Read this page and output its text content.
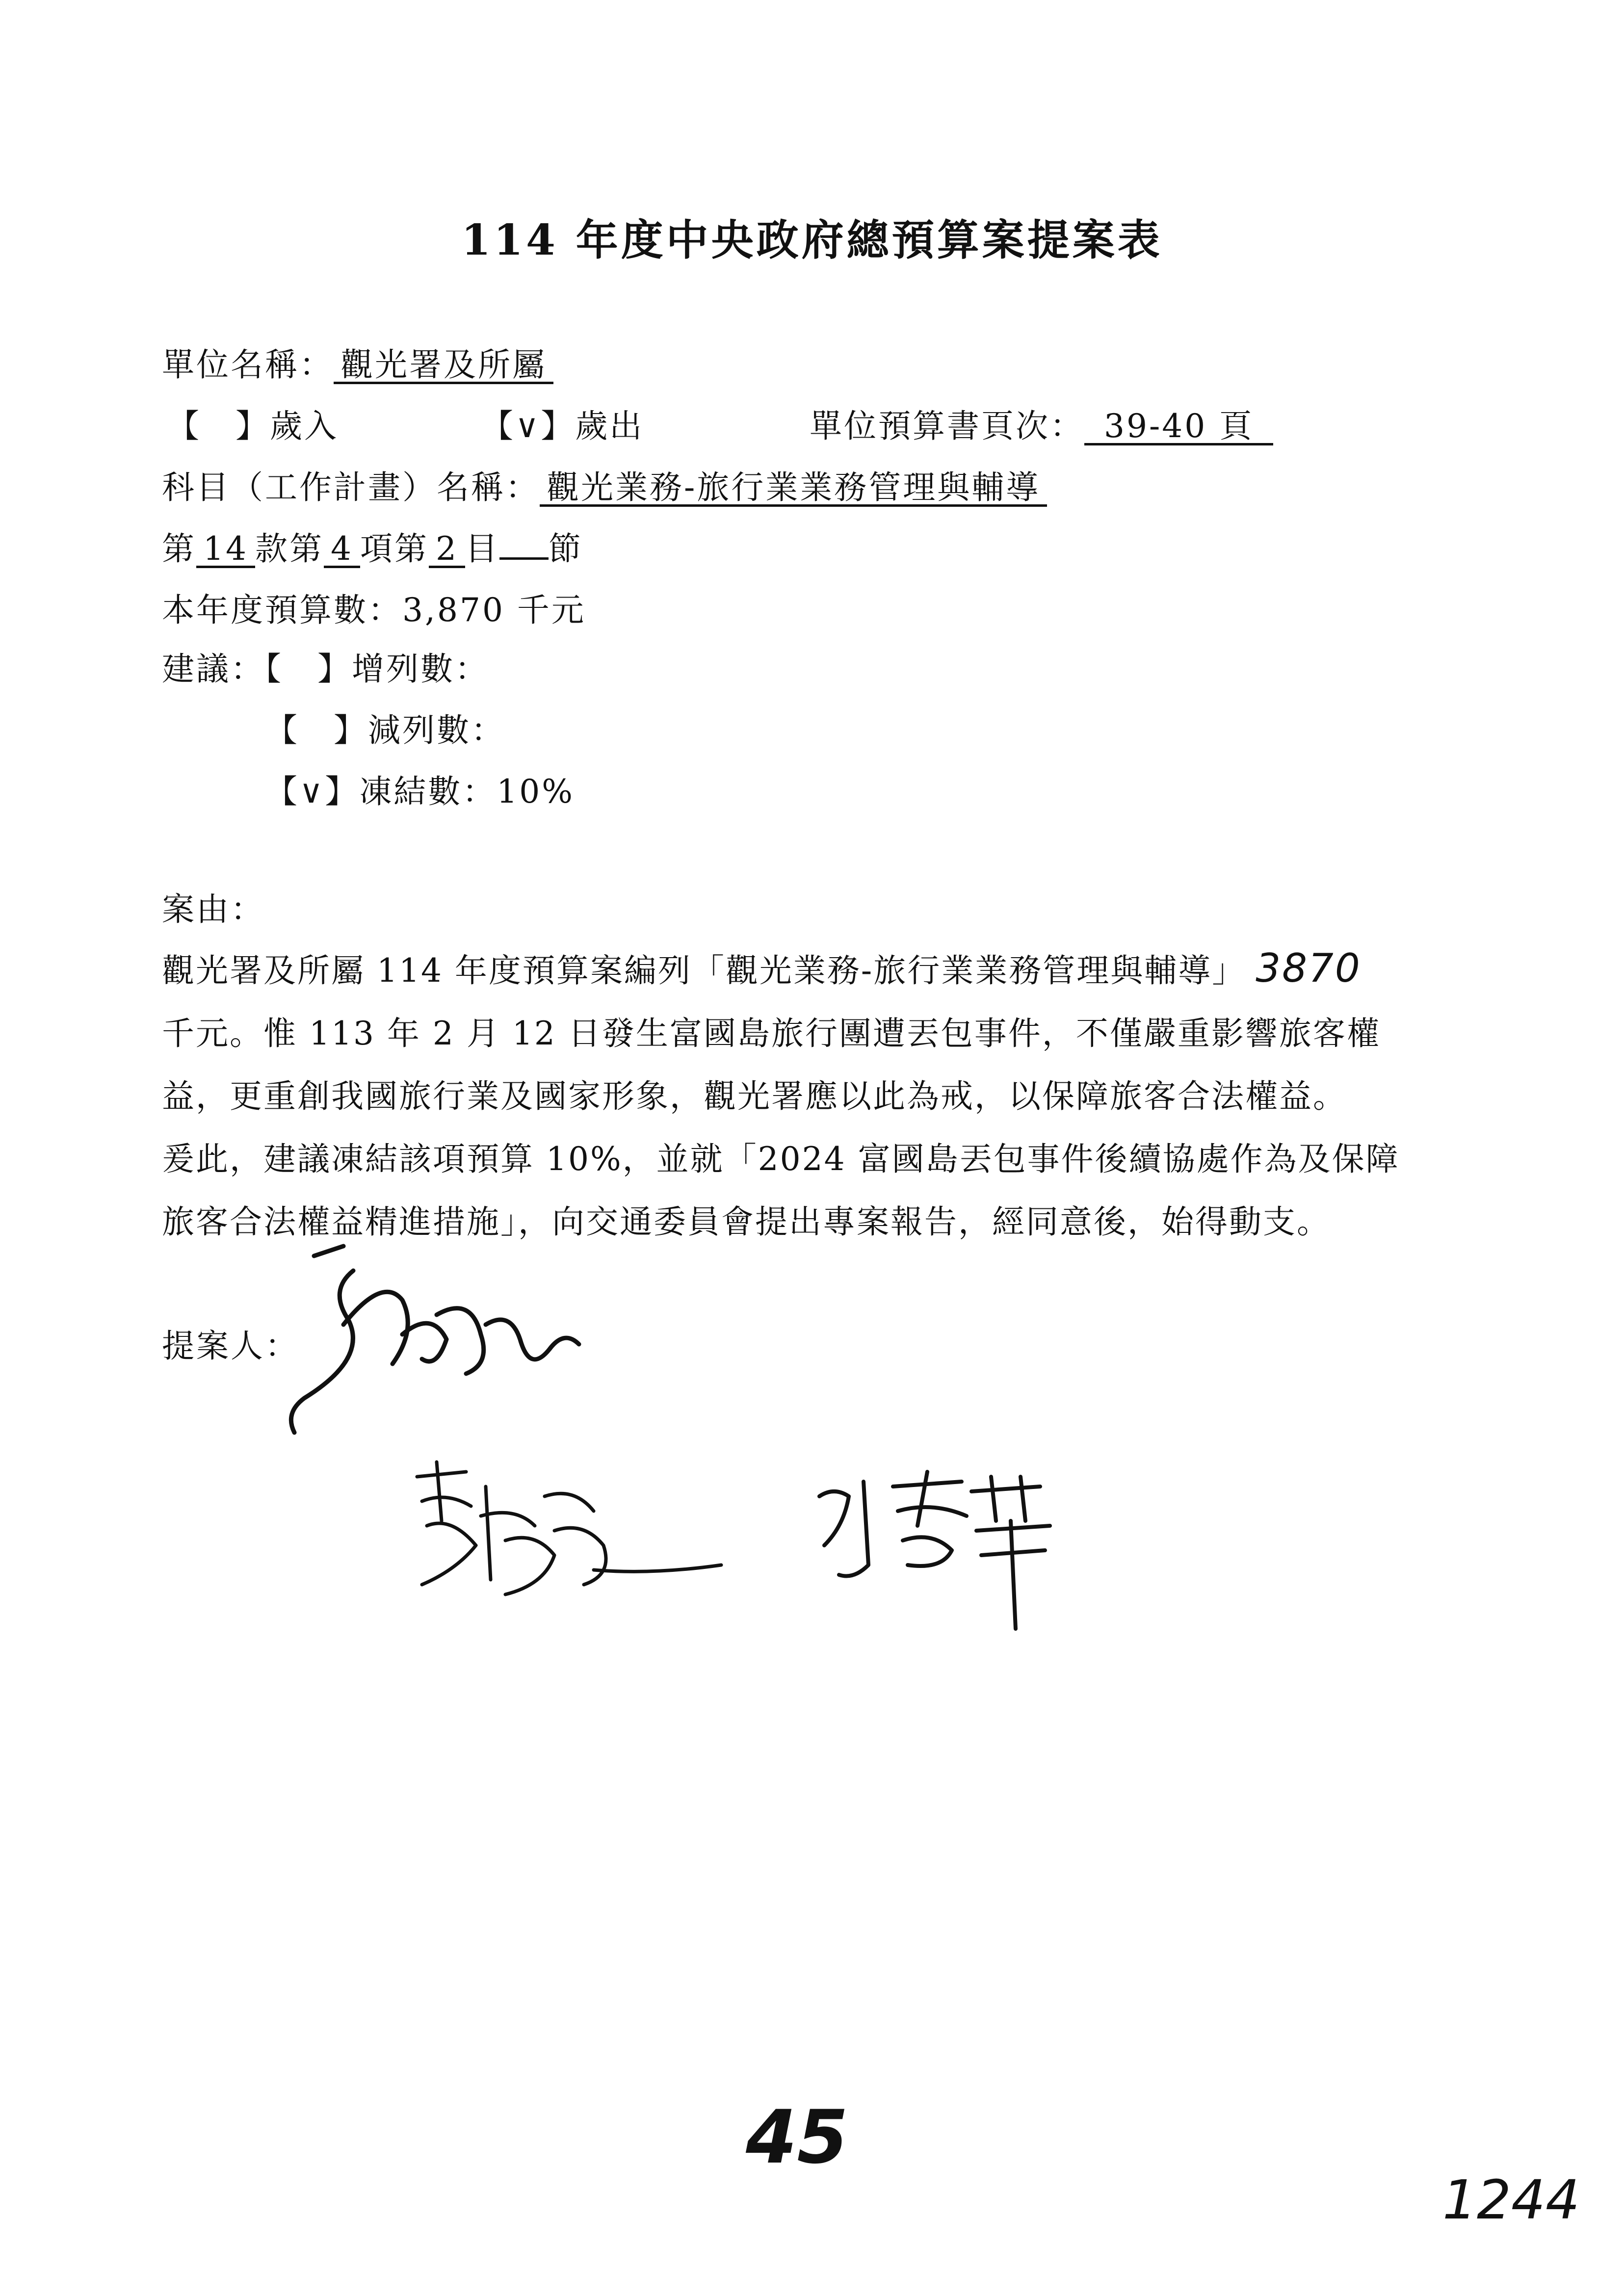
114 年度中央政府總預算案提案表
單位名稱： 觀光署及所屬
【　】歲入	【∨】歲出	單位預算書頁次： 39-40 頁
科目（工作計畫）名稱： 觀光業務-旅行業業務管理與輔導
第 14 款第 4 項第 2 目 節
本年度預算數：3,870 千元
建議：【　】增列數：
【　】減列數：
【∨】凍結數：10%
案由：
觀光署及所屬 114 年度預算案編列「觀光業務-旅行業業務管理與輔導」 3870
千元。惟 113 年 2 月 12 日發生富國島旅行團遭丟包事件，不僅嚴重影響旅客權
益，更重創我國旅行業及國家形象，觀光署應以此為戒，以保障旅客合法權益。
爰此，建議凍結該項預算 10%，並就「2024 富國島丟包事件後續協處作為及保障
旅客合法權益精進措施」，向交通委員會提出專案報告，經同意後，始得動支。
提案人：
45
1244
